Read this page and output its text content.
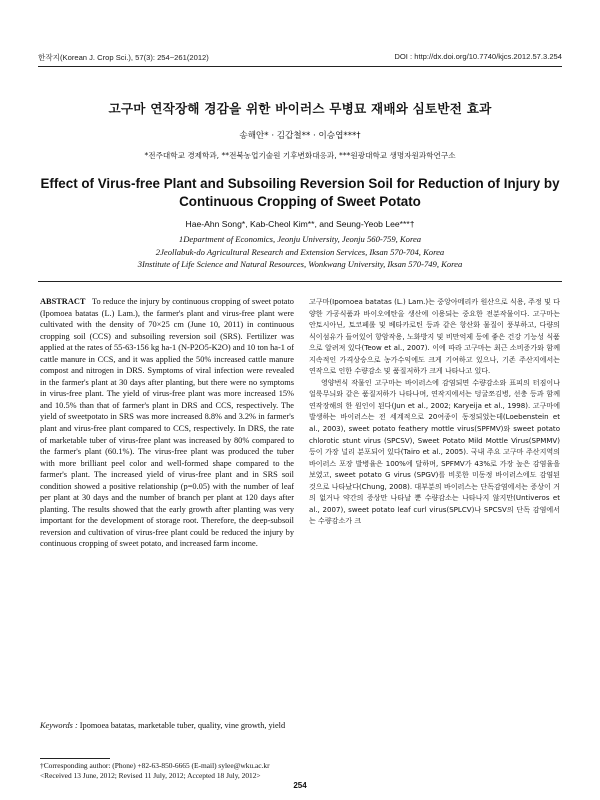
한작지(Korean J. Crop Sci.), 57(3): 254~261(2012)	DOI : http://dx.doi.org/10.7740/kjcs.2012.57.3.254
고구마 연작장해 경감을 위한 바이러스 무병묘 재배와 심토반전 효과
송해안* · 김갑철** · 이승엽***†
*전주대학교 경제학과, **전북농업기술원 기후변화대응과, ***원광대학교 생명자원과학연구소
Effect of Virus-free Plant and Subsoiling Reversion Soil for Reduction of Injury by
Continuous Cropping of Sweet Potato
Hae-Ahn Song*, Kab-Cheol Kim**, and Seung-Yeob Lee***†
1Department of Economics, Jeonju University, Jeonju 560-759, Korea
2Jeollabuk-do Agricultural Research and Extension Services, Iksan 570-704, Korea
3Institute of Life Science and Natural Resources, Wonkwang University, Iksan 570-749, Korea
ABSTRACT To reduce the injury by continuous cropping of sweet potato (Ipomoea batatas (L.) Lam.), the farmer's plant and virus-free plant were cultivated with the density of 70×25 cm (June 10, 2011) in continuous cropping soil (CCS) and subsoiling reversion soil (SRS). Fertilizer was applied at the rates of 55-63-156 kg ha-1 (N-P2O5-K2O) and 10 ton ha-1 of cattle manure in CCS, and it was applied the 50% increased cattle manure compost and nitrogen in DRS. Symptoms of viral infection were revealed in the farmer's plant at 30 days after planting, but there were no symptoms in virus-free plant. The yield of virus-free plant was more increased 15% and 10.5% than that of farmer's plant in DRS and CCS, respectively. The yield of sweetpotato in SRS was more increased 8.8% and 3.2% in farmer's plant and virus-free plant compared to CCS, respectively. In DRS, the rate of marketable tuber of virus-free plant was increased by 80% compared to the farmer's plant (60.1%). The virus-free plant was produced the tuber with more brilliant peel color and well-formed shape compared to the farmer's plant. The increased yield of virus-free plant and in SRS soil condition showed a positive relationship (p=0.05) with the number of leaf per plant at 30 days and the number of branch per plant at 120 days after planting. The results showed that the early growth after planting was very important for the development of storage root. Therefore, the deep-subsoil reversion and cultivation of virus-free plant could be reduced the injury by continuous cropping of sweet potato, and increased farm income.
Keywords : Ipomoea batatas, marketable tuber, quality, vine growth, yield

고구마(Ipomoea batatas (L.) Lam.)는 중앙아메리카 원산으로 식용, 주정 및 다양한 가공식품과 바이오에탄올 생산에 이용되는 중요한 전분작물이다. 고구마는 안토시아닌, 토코페롤 및 베타카로틴 등과 같은 항산화 물질이 풍부하고, 다량의 식이섬유가 들어있어 항암작용, 노화방지 및 비만억제 등에 좋은 건강 기능성 식품으로 알려져 있다(Teow et al., 2007). 이에 따라 고구마는 최근 소비증가와 함께 지속적인 가격상승으로 농가수익에도 크게 기여하고 있으나, 기존 주산지에서는 연작으로 인한 수량감소 및 품질저하가 크게 나타나고 있다.

영양번식 작물인 고구마는 바이러스에 감염되면 수량감소와 표피의 터짐이나 얼룩무늬와 같은 품질저하가 나타나며, 연작지에서는 덩굴쪼김병, 선충 등과 함께 연작장해의 한 원인이 된다(Jun et al., 2002; Karyeija et al., 1998). 고구마에 발생하는 바이러스는 전 세계적으로 20여종이 동정되었는데(Loebenstein et al., 2003), sweet potato feathery mottle virus(SPFMV)와 sweet potato chlorotic stunt virus (SPCSV), Sweet Potato Mild Mottle Virus(SPMMV) 등이 가장 널리 분포되어 있다(Tairo et al., 2005). 국내 주요 고구마 주산지역의 바이러스 포장 발병율은 100%에 달하며, SPFMV가 43%로 가장 높은 감염율을 보였고, sweet potato G virus (SPGV)를 비롯한 미동정 바이러스에도 감염된 것으로 나타났다(Chung, 2008). 대부분의 바이러스는 단독감염에서는 증상이 거의 없거나 약간의 증상만 나타날 뿐 수량감소는 나타나지 않지만(Untiveros et al., 2007), sweet potato leaf curl virus(SPLCV)나 SPCSV의 단독 감염에서는 수량감소가 크

†Corresponding author: (Phone) +82-63-850-6665 (E-mail) sylee@wku.ac.kr
<Received 13 June, 2012; Revised 11 July, 2012; Accepted 18 July, 2012>
254
